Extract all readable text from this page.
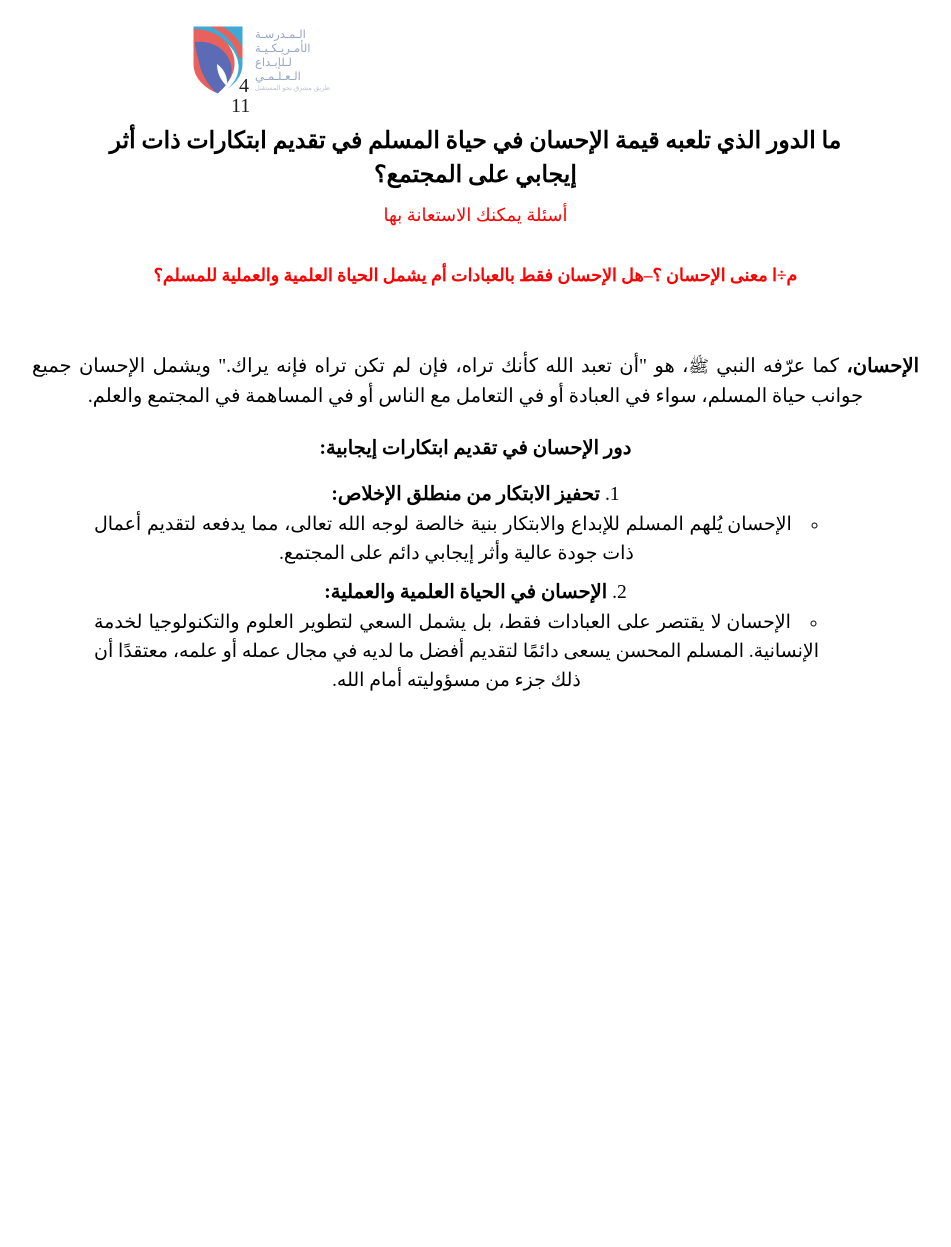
الـمـدرسـة
الأمـريـكـيـة
لـلإبـداع
الـعـلـمـي
طريق مشرق نحو المستقبل
4
11
ما الدور الذي تلعبه قيمة الإحسان في حياة المسلم في تقديم ابتكارات ذات أثر إيجابي على المجتمع؟
أسئلة يمكنك الاستعانة بها
م÷ا معنى الإحسان ؟–هل الإحسان فقط بالعبادات أم يشمل الحياة العلمية والعملية للمسلم؟

الإحسان، كما عرّفه النبي ﷺ، هو "أن تعبد الله كأنك تراه، فإن لم تكن تراه فإنه يراك." ويشمل الإحسان جميع جوانب حياة المسلم، سواء في العبادة أو في التعامل مع الناس أو في المساهمة في المجتمع والعلم.

دور الإحسان في تقديم ابتكارات إيجابية:
1. تحفيز الابتكار من منطلق الإخلاص:
◦ الإحسان يُلهم المسلم للإبداع والابتكار بنية خالصة لوجه الله تعالى، مما يدفعه لتقديم أعمال ذات جودة عالية وأثر إيجابي دائم على المجتمع.
2. الإحسان في الحياة العلمية والعملية:
◦ الإحسان لا يقتصر على العبادات فقط، بل يشمل السعي لتطوير العلوم والتكنولوجيا لخدمة الإنسانية. المسلم المحسن يسعى دائمًا لتقديم أفضل ما لديه في مجال عمله أو علمه، معتقدًا أن ذلك جزء من مسؤوليته أمام الله.
